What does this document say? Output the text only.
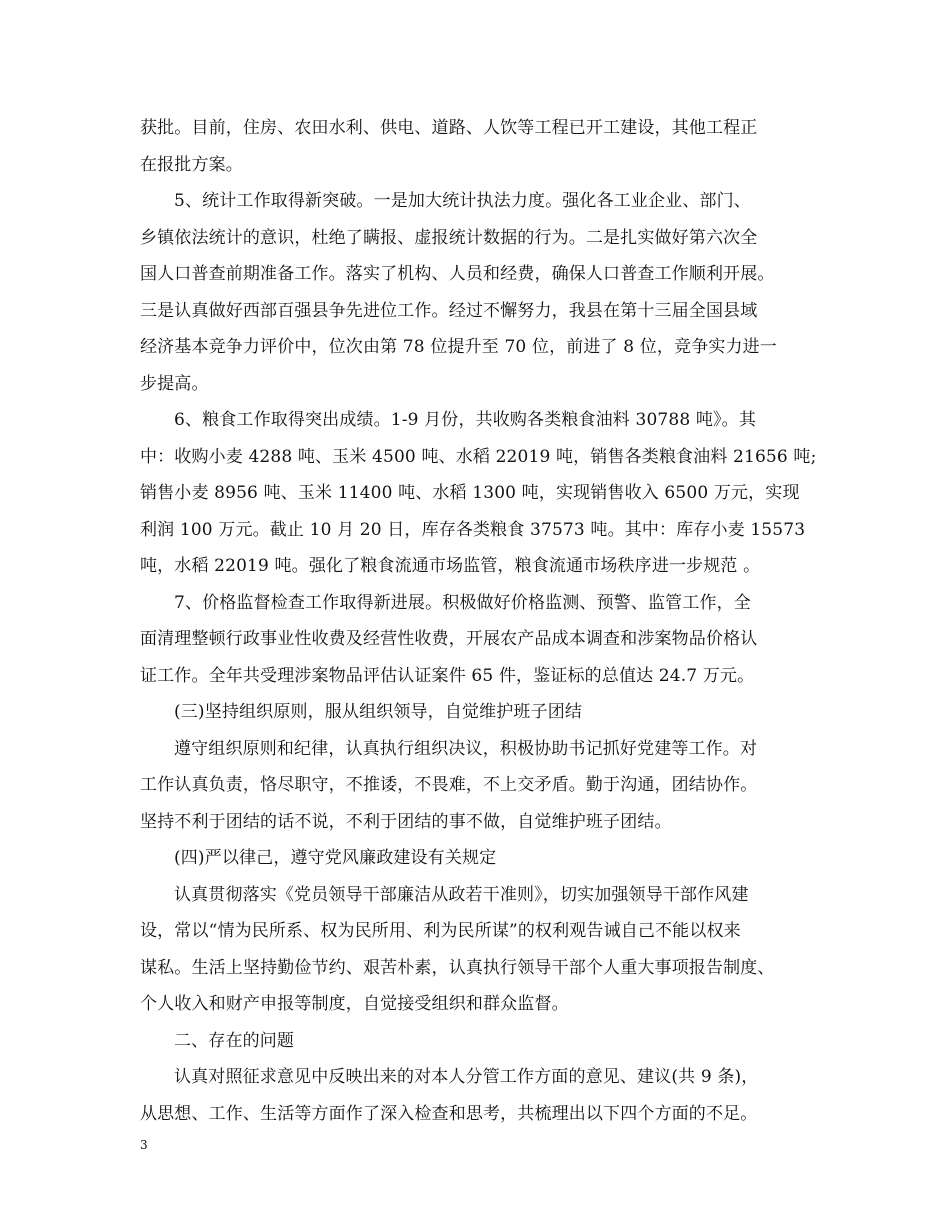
获批。目前，住房、农田水利、供电、道路、人饮等工程已开工建设，其他工程正
在报批方案。
5、统计工作取得新突破。一是加大统计执法力度。强化各工业企业、部门、
乡镇依法统计的意识，杜绝了瞒报、虚报统计数据的行为。二是扎实做好第六次全
国人口普查前期准备工作。落实了机构、人员和经费，确保人口普查工作顺利开展。
三是认真做好西部百强县争先进位工作。经过不懈努力，我县在第十三届全国县域
经济基本竞争力评价中，位次由第 78 位提升至 70 位，前进了 8 位，竞争实力进一
步提高。
6、粮食工作取得突出成绩。1-9 月份，共收购各类粮食油料 30788 吨》。其
中：收购小麦 4288 吨、玉米 4500 吨、水稻 22019 吨，销售各类粮食油料 21656 吨;
销售小麦 8956 吨、玉米 11400 吨、水稻 1300 吨，实现销售收入 6500 万元，实现
利润 100 万元。截止 10 月 20 日，库存各类粮食 37573 吨。其中：库存小麦 15573
吨，水稻 22019 吨。强化了粮食流通市场监管，粮食流通市场秩序进一步规范 。
7、价格监督检查工作取得新进展。积极做好价格监测、预警、监管工作，全
面清理整顿行政事业性收费及经营性收费，开展农产品成本调查和涉案物品价格认
证工作。全年共受理涉案物品评估认证案件 65 件，鉴证标的总值达 24.7 万元。
(三)坚持组织原则，服从组织领导，自觉维护班子团结
遵守组织原则和纪律，认真执行组织决议，积极协助书记抓好党建等工作。对
工作认真负责，恪尽职守，不推诿，不畏难，不上交矛盾。勤于沟通，团结协作。
坚持不利于团结的话不说，不利于团结的事不做，自觉维护班子团结。
(四)严以律己，遵守党风廉政建设有关规定
认真贯彻落实《党员领导干部廉洁从政若干准则》，切实加强领导干部作风建
设，常以“情为民所系、权为民所用、利为民所谋”的权利观告诫自己不能以权来
谋私。生活上坚持勤俭节约、艰苦朴素，认真执行领导干部个人重大事项报告制度、
个人收入和财产申报等制度，自觉接受组织和群众监督。
二、存在的问题
认真对照征求意见中反映出来的对本人分管工作方面的意见、建议(共 9 条)，
从思想、工作、生活等方面作了深入检查和思考，共梳理出以下四个方面的不足。
3
